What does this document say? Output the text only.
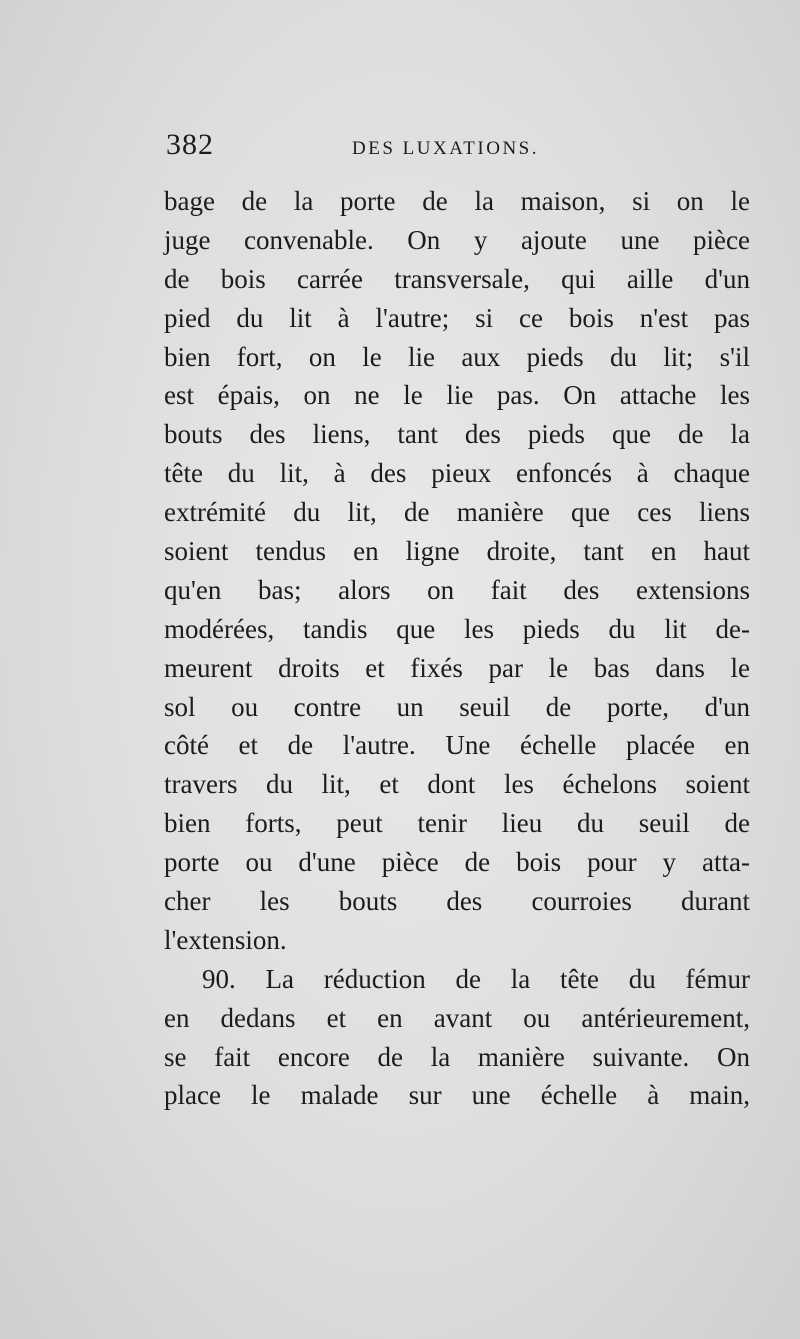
382	DES LUXATIONS.
bage de la porte de la maison, si on le
juge convenable. On y ajoute une pièce
de bois carrée transversale, qui aille d'un
pied du lit à l'autre; si ce bois n'est pas
bien fort, on le lie aux pieds du lit; s'il
est épais, on ne le lie pas. On attache les
bouts des liens, tant des pieds que de la
tête du lit, à des pieux enfoncés à chaque
extrémité du lit, de manière que ces liens
soient tendus en ligne droite, tant en haut
qu'en bas; alors on fait des extensions
modérées, tandis que les pieds du lit de-
meurent droits et fixés par le bas dans le
sol ou contre un seuil de porte, d'un
côté et de l'autre. Une échelle placée en
travers du lit, et dont les échelons soient
bien forts, peut tenir lieu du seuil de
porte ou d'une pièce de bois pour y atta-
cher les bouts des courroies durant
l'extension.
90. La réduction de la tête du fémur
en dedans et en avant ou antérieurement,
se fait encore de la manière suivante. On
place le malade sur une échelle à main,
